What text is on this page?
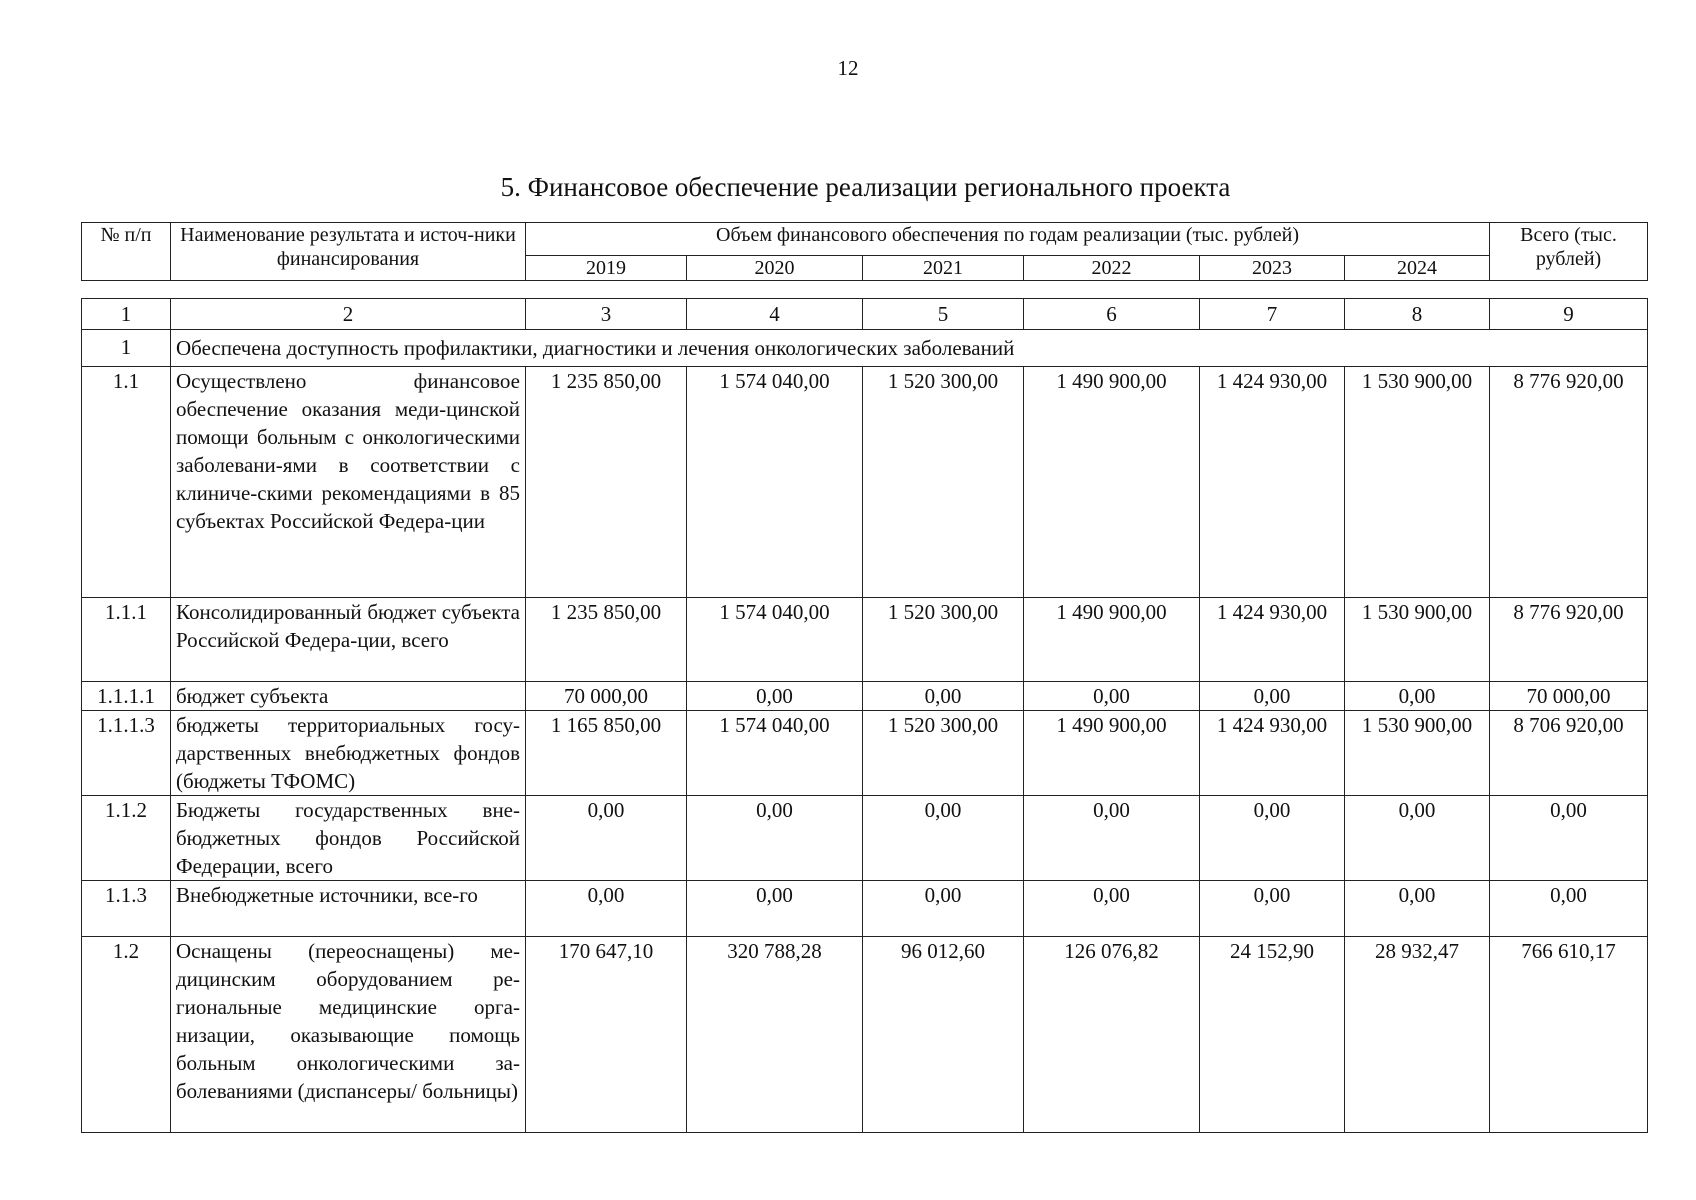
12
5. Финансовое обеспечение реализации регионального проекта
№ п/п	Наименование результата и источ-ники финансирования	Объем финансового обеспечения по годам реализации (тыс. рублей)						Всего (тыс. рублей)
		2019	2020	2021	2022	2023	2024	
1	2	3	4	5	6	7	8	9
1	Обеспечена доступность профилактики, диагностики и лечения онкологических заболеваний							
1.1	Осуществлено финансовое обеспечение оказания меди-цинской помощи больным с онкологическими заболевани-ями в соответствии с клиниче-скими рекомендациями в 85 субъектах Российской Федера-ции	1 235 850,00	1 574 040,00	1 520 300,00	1 490 900,00	1 424 930,00	1 530 900,00	8 776 920,00
1.1.1	Консолидированный бюджет субъекта Российской Федера-ции, всего	1 235 850,00	1 574 040,00	1 520 300,00	1 490 900,00	1 424 930,00	1 530 900,00	8 776 920,00
1.1.1.1	бюджет субъекта	70 000,00	0,00	0,00	0,00	0,00	0,00	70 000,00
1.1.1.3	бюджеты территориальных госу-дарственных внебюджетных фондов (бюджеты ТФОМС)	1 165 850,00	1 574 040,00	1 520 300,00	1 490 900,00	1 424 930,00	1 530 900,00	8 706 920,00
1.1.2	Бюджеты государственных вне-бюджетных фондов Российской Федерации, всего	0,00	0,00	0,00	0,00	0,00	0,00	0,00
1.1.3	Внебюджетные источники, все-го	0,00	0,00	0,00	0,00	0,00	0,00	0,00
1.2	Оснащены (переоснащены) ме-дицинским оборудованием ре-гиональные медицинские орга-низации, оказывающие помощь больным онкологическими за-болеваниями (диспансеры/ больницы)	170 647,10	320 788,28	96 012,60	126 076,82	24 152,90	28 932,47	766 610,17
